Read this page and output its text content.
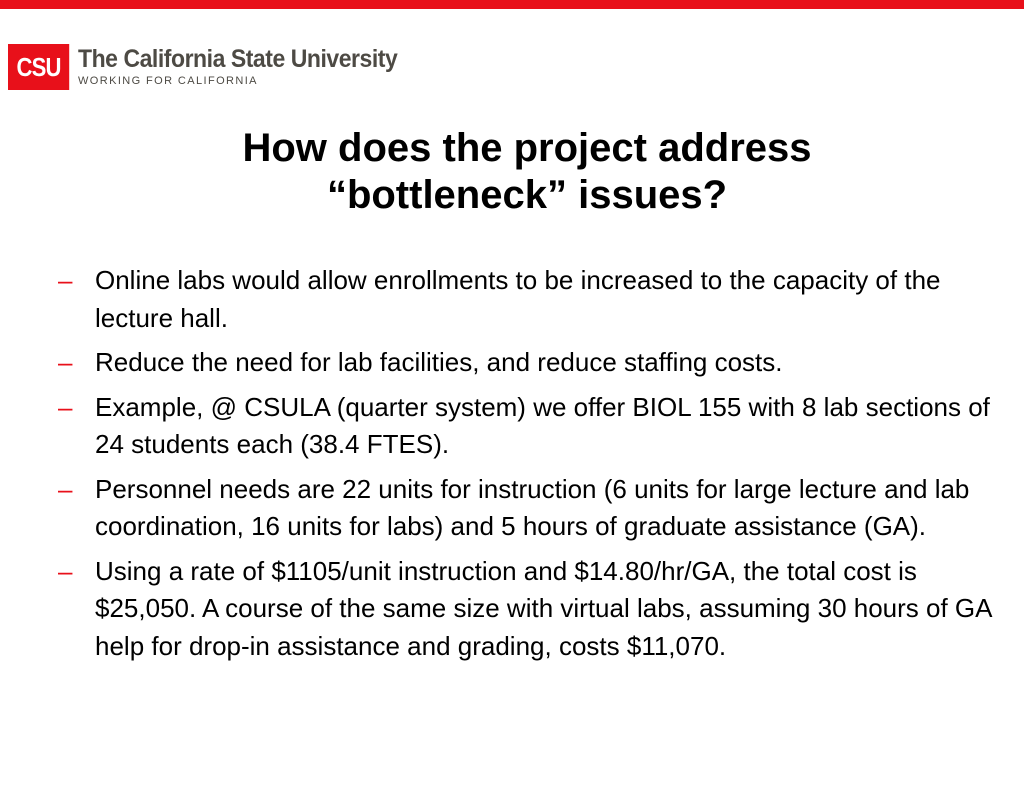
CSU The California State University
WORKING FOR CALIFORNIA
How does the project address
“bottleneck” issues?
– Online labs would allow enrollments to be increased to the capacity of the lecture hall.
– Reduce the need for lab facilities, and reduce staffing costs.
– Example, @ CSULA (quarter system) we offer BIOL 155 with 8 lab sections of 24 students each (38.4 FTES).
– Personnel needs are 22 units for instruction (6 units for large lecture and lab coordination, 16 units for labs) and 5 hours of graduate assistance (GA).
– Using a rate of $1105/unit instruction and $14.80/hr/GA, the total cost is $25,050. A course of the same size with virtual labs, assuming 30 hours of GA help for drop-in assistance and grading, costs $11,070.
